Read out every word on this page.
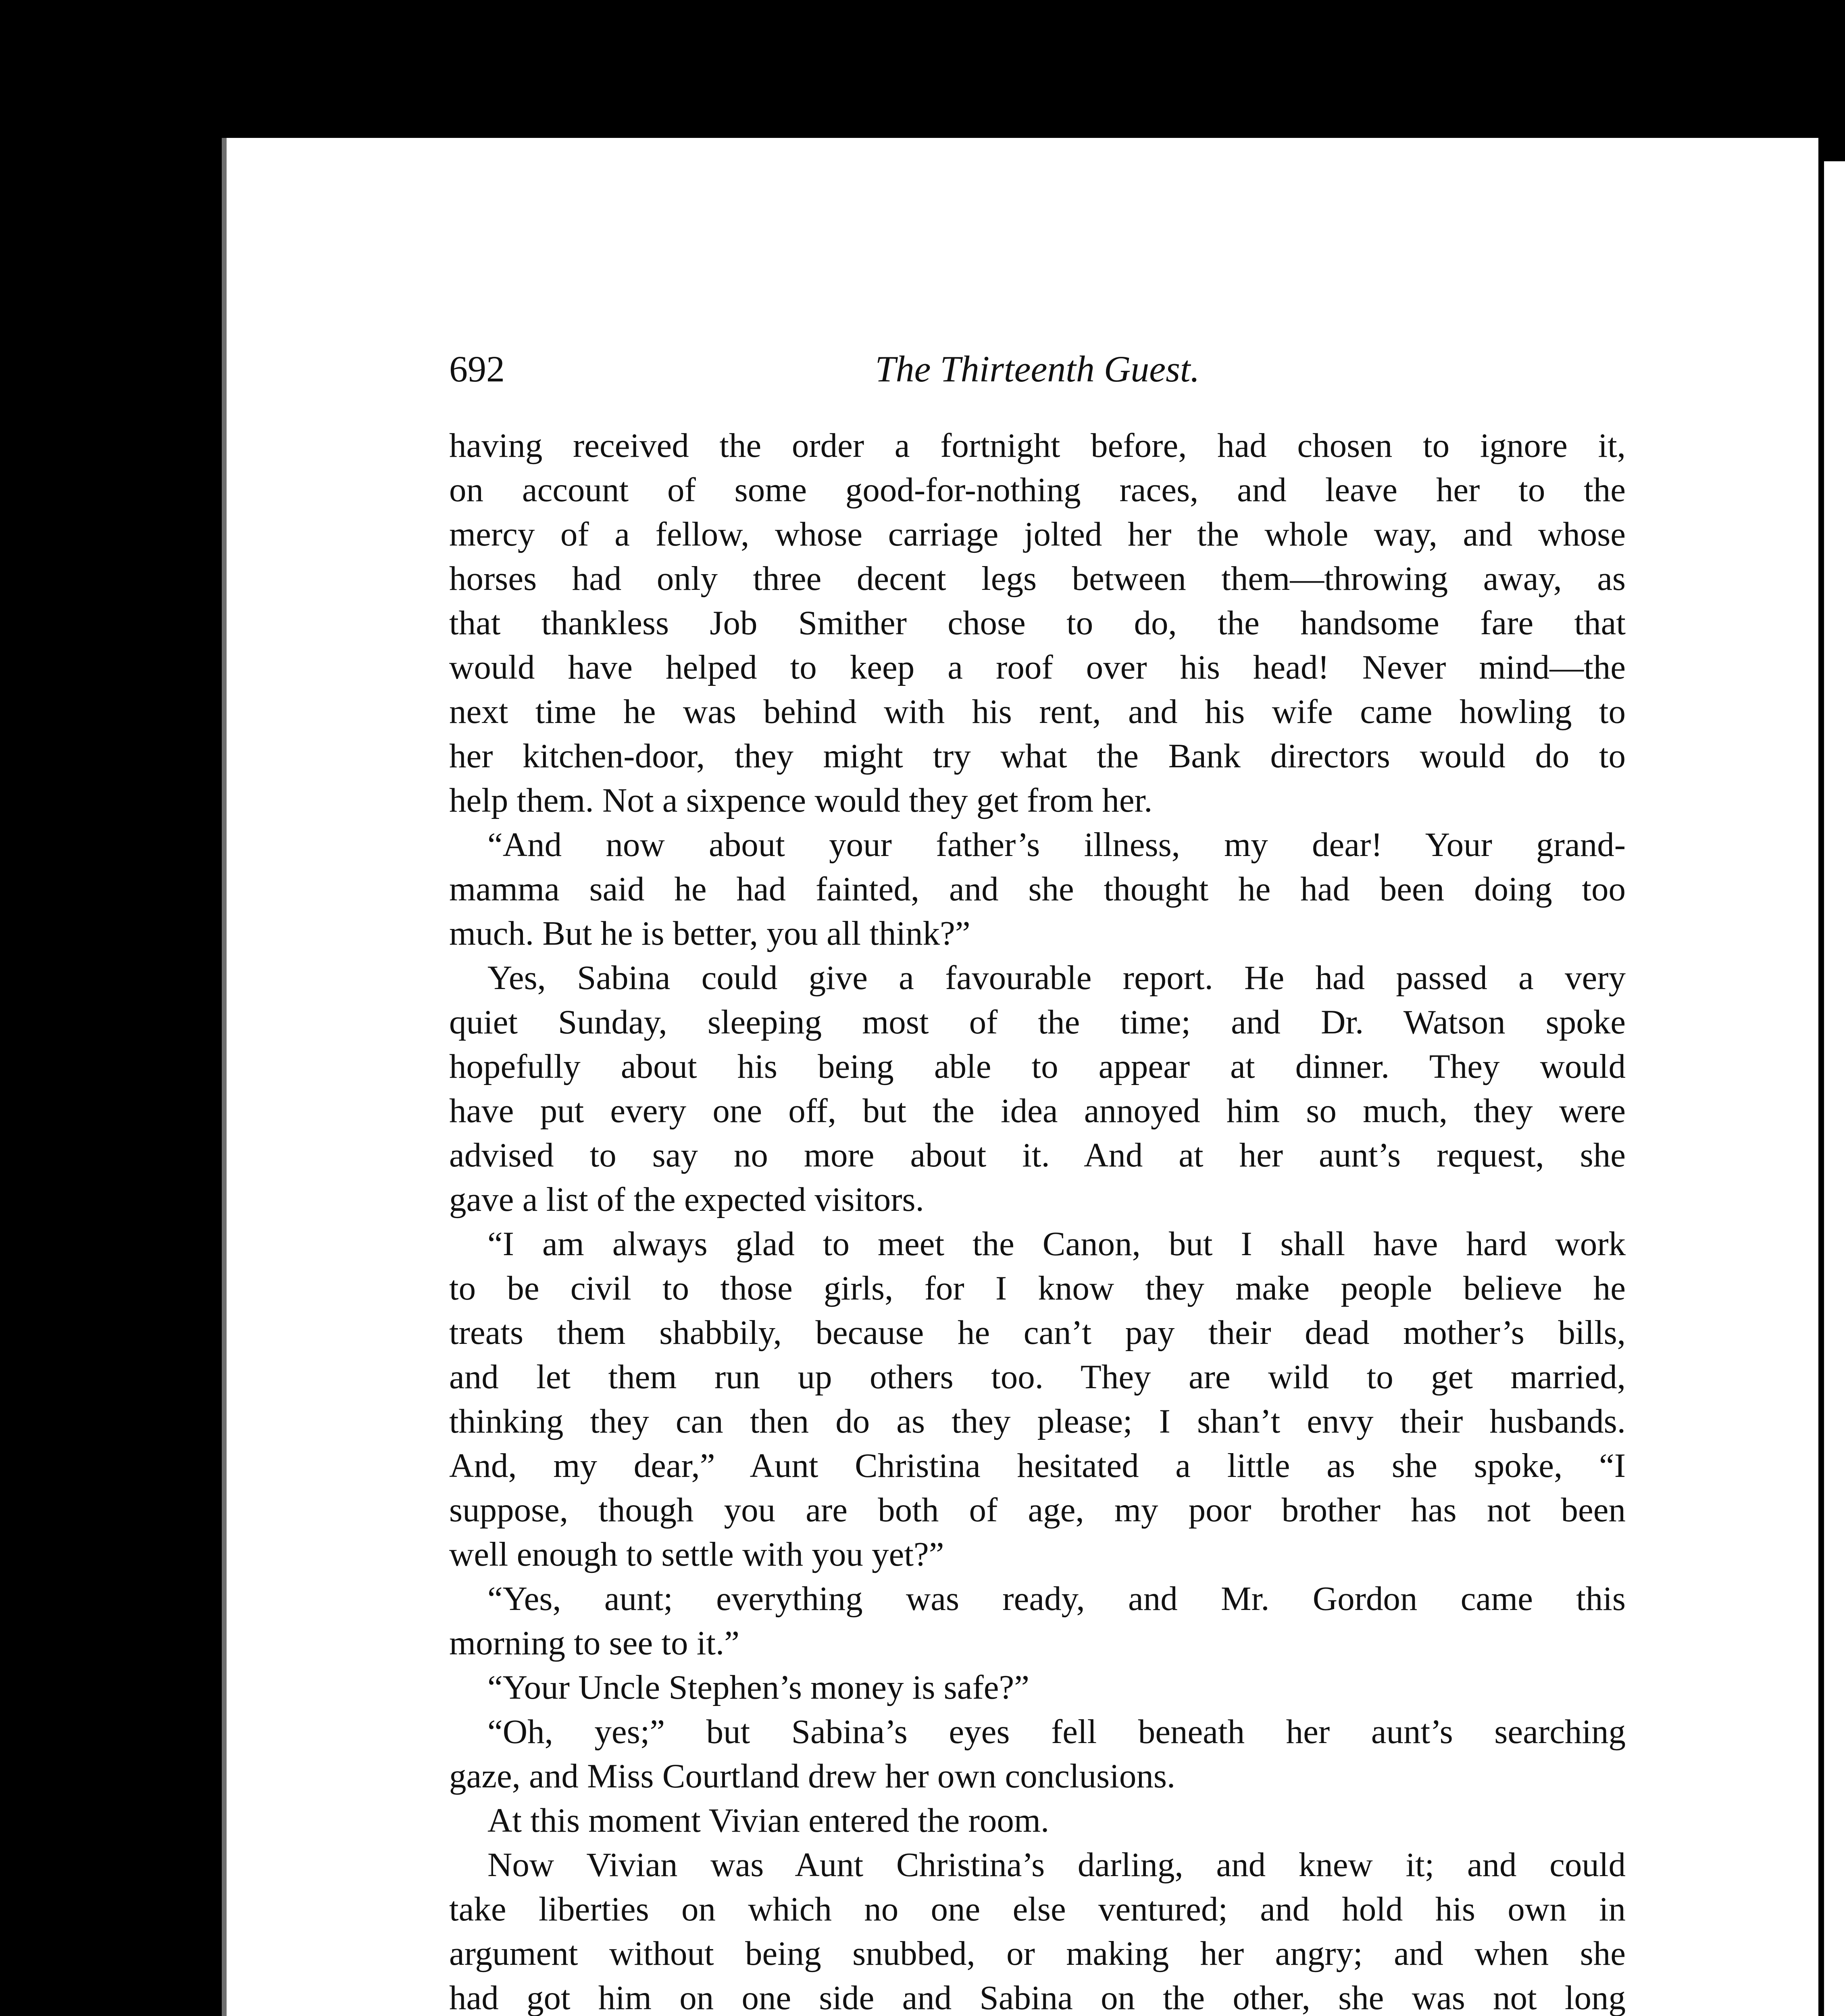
692	The Thirteenth Guest.
having received the order a fortnight before, had chosen to ignore it,
on account of some good-for-nothing races, and leave her to the
mercy of a fellow, whose carriage jolted her the whole way, and whose
horses had only three decent legs between them—throwing away, as
that thankless Job Smither chose to do, the handsome fare that
would have helped to keep a roof over his head! Never mind—the
next time he was behind with his rent, and his wife came howling to
her kitchen-door, they might try what the Bank directors would do to
help them. Not a sixpence would they get from her.
“And now about your father’s illness, my dear! Your grand-
mamma said he had fainted, and she thought he had been doing too
much. But he is better, you all think?”
Yes, Sabina could give a favourable report. He had passed a very
quiet Sunday, sleeping most of the time; and Dr. Watson spoke
hopefully about his being able to appear at dinner. They would
have put every one off, but the idea annoyed him so much, they were
advised to say no more about it. And at her aunt’s request, she
gave a list of the expected visitors.
“I am always glad to meet the Canon, but I shall have hard work
to be civil to those girls, for I know they make people believe he
treats them shabbily, because he can’t pay their dead mother’s bills,
and let them run up others too. They are wild to get married,
thinking they can then do as they please; I shan’t envy their husbands.
And, my dear,” Aunt Christina hesitated a little as she spoke, “I
suppose, though you are both of age, my poor brother has not been
well enough to settle with you yet?”
“Yes, aunt; everything was ready, and Mr. Gordon came this
morning to see to it.”
“Your Uncle Stephen’s money is safe?”
“Oh, yes;” but Sabina’s eyes fell beneath her aunt’s searching
gaze, and Miss Courtland drew her own conclusions.
At this moment Vivian entered the room.
Now Vivian was Aunt Christina’s darling, and knew it; and could
take liberties on which no one else ventured; and hold his own in
argument without being snubbed, or making her angry; and when she
had got him on one side and Sabina on the other, she was not long
